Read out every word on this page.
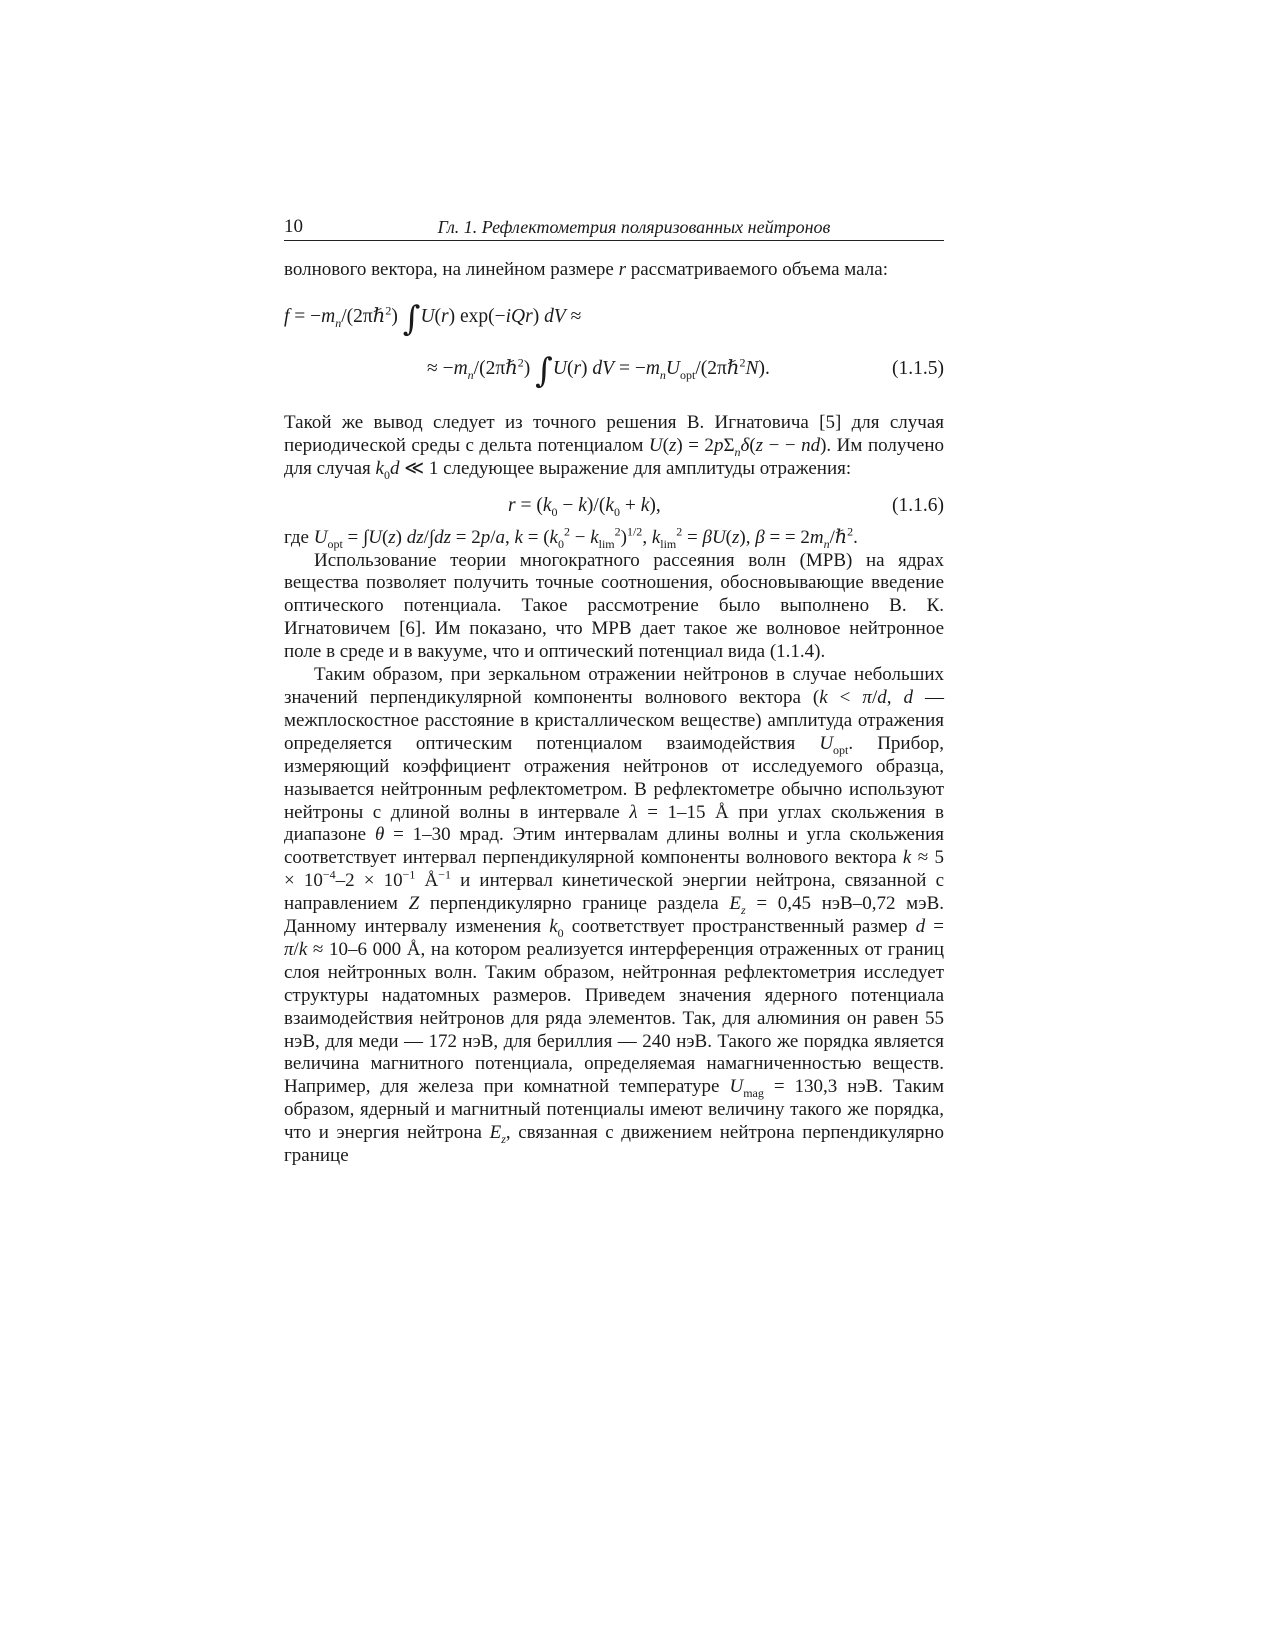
10	Гл. 1. Рефлектометрия поляризованных нейтронов

волнового вектора, на линейном размере r рассматриваемого объема мала:

$f = -m_n/(2\pi\hbar^2)$ ∫U(r) exp(−iQr) dV ≈
≈ $-m_n/(2\pi\hbar^2)$ ∫U(r) dV = $-m_nU_{opt}/(2\pi\hbar^2N)$.	(1.1.5)

Такой же вывод следует из точного решения В. Игнатовича [5] для случая периодической среды с дельта потенциалом $U(z) = 2p\Sigma_n\delta(z$ − − nd). Им получено для случая $k_0d$ ≪ 1 следующее выражение для амплитуды отражения:

$r = (k_0 - k)/(k_0 + k)$,	(1.1.6)

где $U_{opt} = \int U(z) dz/\int dz = 2p/a$, $k = (k_0^2 - k_{lim}^2)^{1/2}$, $k_{lim}^2 = \beta U(z)$, β = = $2m_n/\hbar^2$.

Использование теории многократного рассеяния волн (МРВ) на ядрах вещества позволяет получить точные соотношения, обосновывающие введение оптического потенциала. Такое рассмотрение было выполнено В. К. Игнатовичем [6]. Им показано, что МРВ дает такое же волновое нейтронное поле в среде и в вакууме, что и оптический потенциал вида (1.1.4).

Таким образом, при зеркальном отражении нейтронов в случае небольших значений перпендикулярной компоненты волнового вектора (k < π/d, d — межплоскостное расстояние в кристаллическом веществе) амплитуда отражения определяется оптическим потенциалом взаимодействия $U_{opt}$. Прибор, измеряющий коэффициент отражения нейтронов от исследуемого образца, называется нейтронным рефлектометром. В рефлектометре обычно используют нейтроны с длиной волны в интервале λ = 1–15 Å при углах скольжения в диапазоне θ = 1–30 мрад. Этим интервалам длины волны и угла скольжения соответствует интервал перпендикулярной компоненты волнового вектора $k \approx 5 \times 10^{-4}-2 \times 10^{-1}$ $Å^{-1}$ и интервал кинетической энергии нейтрона, связанной с направлением Z перпендикулярно границе раздела $E_z = 0,45$ нэВ–0,72 мэВ. Данному интервалу изменения $k_0$ соответствует пространственный размер d = π/k ≈ 10–6 000 Å, на котором реализуется интерференция отраженных от границ слоя нейтронных волн. Таким образом, нейтронная рефлектометрия исследует структуры надатомных размеров. Приведем значения ядерного потенциала взаимодействия нейтронов для ряда элементов. Так, для алюминия он равен 55 нэВ, для меди — 172 нэВ, для бериллия — 240 нэВ. Такого же порядка является величина магнитного потенциала, определяемая намагниченностью веществ. Например, для железа при комнатной температуре $U_{mag} = 130,3$ нэВ. Таким образом, ядерный и магнитный потенциалы имеют величину такого же порядка, что и энергия нейтрона $E_z$, связанная с движением нейтрона перпендикулярно границе
